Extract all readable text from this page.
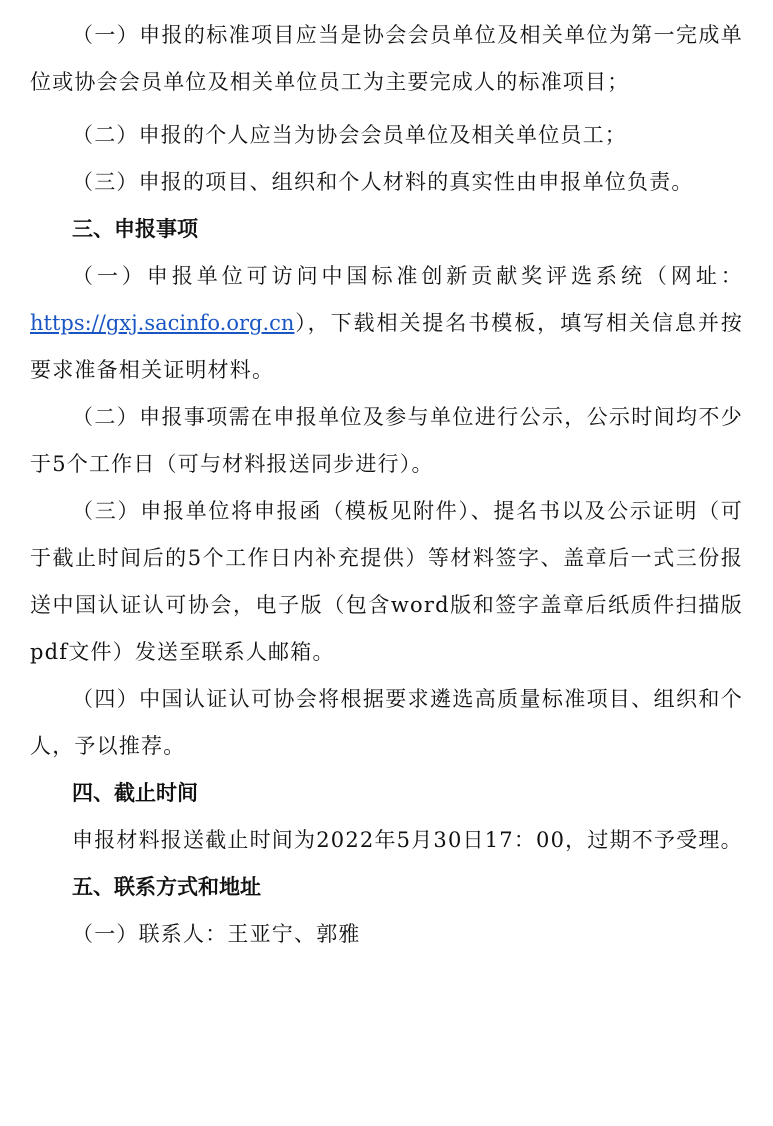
（一）申报的标准项目应当是协会会员单位及相关单位为第一完成单位或协会会员单位及相关单位员工为主要完成人的标准项目；

（二）申报的个人应当为协会会员单位及相关单位员工；

（三）申报的项目、组织和个人材料的真实性由申报单位负责。

三、申报事项

（一）申报单位可访问中国标准创新贡献奖评选系统（网址：https://gxj.sacinfo.org.cn），下载相关提名书模板，填写相关信息并按要求准备相关证明材料。

（二）申报事项需在申报单位及参与单位进行公示，公示时间均不少于5个工作日（可与材料报送同步进行）。

（三）申报单位将申报函（模板见附件）、提名书以及公示证明（可于截止时间后的5个工作日内补充提供）等材料签字、盖章后一式三份报送中国认证认可协会，电子版（包含word版和签字盖章后纸质件扫描版pdf文件）发送至联系人邮箱。

（四）中国认证认可协会将根据要求遴选高质量标准项目、组织和个人，予以推荐。

四、截止时间

申报材料报送截止时间为2022年5月30日17：00，过期不予受理。

五、联系方式和地址

（一）联系人：王亚宁、郭雅
